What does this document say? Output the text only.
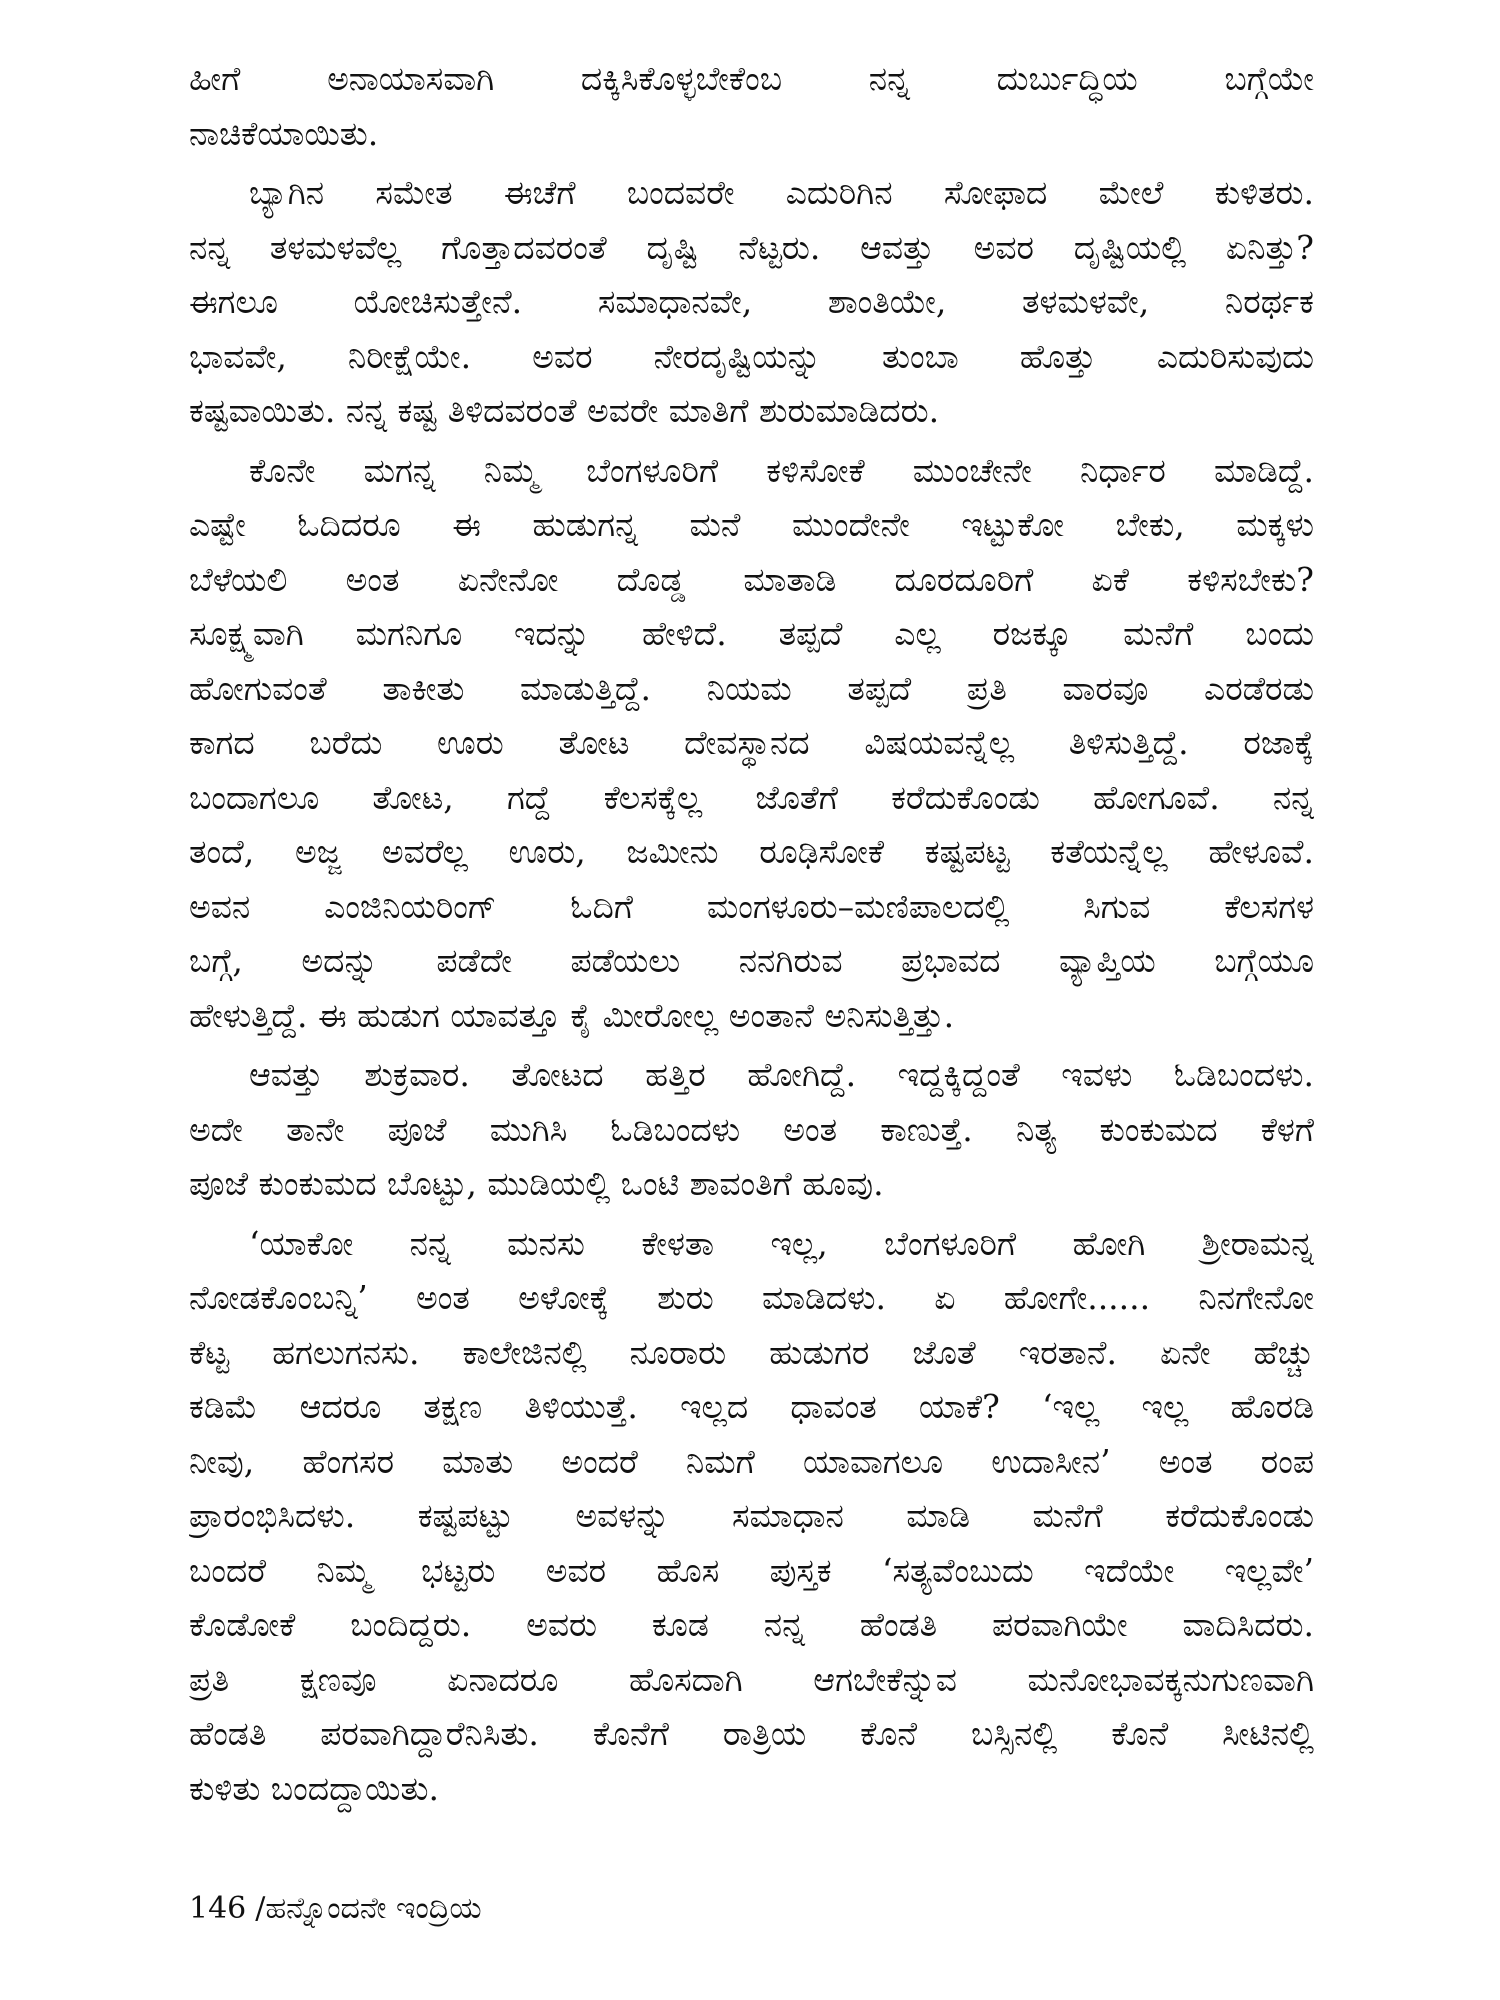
ಹೀಗೆ ಅನಾಯಾಸವಾಗಿ ದಕ್ಕಿಸಿಕೊಳ್ಳಬೇಕೆಂಬ ನನ್ನ ದುರ್ಬುದ್ಧಿಯ ಬಗ್ಗೆಯೇ
ನಾಚಿಕೆಯಾಯಿತು.
ಬ್ಯಾಗಿನ ಸಮೇತ ಈಚೆಗೆ ಬಂದವರೇ ಎದುರಿಗಿನ ಸೋಫಾದ ಮೇಲೆ ಕುಳಿತರು.
ನನ್ನ ತಳಮಳವೆಲ್ಲ ಗೊತ್ತಾದವರಂತೆ ದೃಷ್ಟಿ ನೆಟ್ಟರು. ಆವತ್ತು ಅವರ ದೃಷ್ಟಿಯಲ್ಲಿ ಏನಿತ್ತು?
ಈಗಲೂ ಯೋಚಿಸುತ್ತೇನೆ. ಸಮಾಧಾನವೇ, ಶಾಂತಿಯೇ, ತಳಮಳವೇ, ನಿರರ್ಥಕ
ಭಾವವೇ, ನಿರೀಕ್ಷೆಯೇ. ಅವರ ನೇರದೃಷ್ಟಿಯನ್ನು ತುಂಬಾ ಹೊತ್ತು ಎದುರಿಸುವುದು
ಕಷ್ಟವಾಯಿತು. ನನ್ನ ಕಷ್ಟ ತಿಳಿದವರಂತೆ ಅವರೇ ಮಾತಿಗೆ ಶುರುಮಾಡಿದರು.
ಕೊನೇ ಮಗನ್ನ ನಿಮ್ಮ ಬೆಂಗಳೂರಿಗೆ ಕಳಿಸೋಕೆ ಮುಂಚೇನೇ ನಿರ್ಧಾರ ಮಾಡಿದ್ದೆ.
ಎಷ್ಟೇ ಓದಿದರೂ ಈ ಹುಡುಗನ್ನ ಮನೆ ಮುಂದೇನೇ ಇಟ್ಟುಕೋ ಬೇಕು, ಮಕ್ಕಳು
ಬೆಳೆಯಲಿ ಅಂತ ಏನೇನೋ ದೊಡ್ಡ ಮಾತಾಡಿ ದೂರದೂರಿಗೆ ಏಕೆ ಕಳಿಸಬೇಕು?
ಸೂಕ್ಷ್ಮವಾಗಿ ಮಗನಿಗೂ ಇದನ್ನು ಹೇಳಿದೆ. ತಪ್ಪದೆ ಎಲ್ಲ ರಜಕ್ಕೂ ಮನೆಗೆ ಬಂದು
ಹೋಗುವಂತೆ ತಾಕೀತು ಮಾಡುತ್ತಿದ್ದೆ. ನಿಯಮ ತಪ್ಪದೆ ಪ್ರತಿ ವಾರವೂ ಎರಡೆರಡು
ಕಾಗದ ಬರೆದು ಊರು ತೋಟ ದೇವಸ್ಥಾನದ ವಿಷಯವನ್ನೆಲ್ಲ ತಿಳಿಸುತ್ತಿದ್ದೆ. ರಜಾಕ್ಕೆ
ಬಂದಾಗಲೂ ತೋಟ, ಗದ್ದೆ ಕೆಲಸಕ್ಕೆಲ್ಲ ಜೊತೆಗೆ ಕರೆದುಕೊಂಡು ಹೋಗೂವೆ. ನನ್ನ
ತಂದೆ, ಅಜ್ಜ ಅವರೆಲ್ಲ ಊರು, ಜಮೀನು ರೂಢಿಸೋಕೆ ಕಷ್ಟಪಟ್ಟ ಕತೆಯನ್ನೆಲ್ಲ ಹೇಳೂವೆ.
ಅವನ ಎಂಜಿನಿಯರಿಂಗ್ ಓದಿಗೆ ಮಂಗಳೂರು–ಮಣಿಪಾಲದಲ್ಲಿ ಸಿಗುವ ಕೆಲಸಗಳ
ಬಗ್ಗೆ, ಅದನ್ನು ಪಡೆದೇ ಪಡೆಯಲು ನನಗಿರುವ ಪ್ರಭಾವದ ವ್ಯಾಪ್ತಿಯ ಬಗ್ಗೆಯೂ
ಹೇಳುತ್ತಿದ್ದೆ. ಈ ಹುಡುಗ ಯಾವತ್ತೂ ಕೈ ಮೀರೋಲ್ಲ ಅಂತಾನೆ ಅನಿಸುತ್ತಿತ್ತು.
ಆವತ್ತು ಶುಕ್ರವಾರ. ತೋಟದ ಹತ್ತಿರ ಹೋಗಿದ್ದೆ. ಇದ್ದಕ್ಕಿದ್ದಂತೆ ಇವಳು ಓಡಿಬಂದಳು.
ಅದೇ ತಾನೇ ಪೂಜೆ ಮುಗಿಸಿ ಓಡಿಬಂದಳು ಅಂತ ಕಾಣುತ್ತೆ. ನಿತ್ಯ ಕುಂಕುಮದ ಕೆಳಗೆ
ಪೂಜೆ ಕುಂಕುಮದ ಬೊಟ್ಟು, ಮುಡಿಯಲ್ಲಿ ಒಂಟಿ ಶಾವಂತಿಗೆ ಹೂವು.
‘ಯಾಕೋ ನನ್ನ ಮನಸು ಕೇಳತಾ ಇಲ್ಲ, ಬೆಂಗಳೂರಿಗೆ ಹೋಗಿ ಶ್ರೀರಾಮನ್ನ
ನೋಡಕೊಂಬನ್ನಿ’ ಅಂತ ಅಳೋಕ್ಕೆ ಶುರು ಮಾಡಿದಳು. ಏ ಹೋಗೇ...... ನಿನಗೇನೋ
ಕೆಟ್ಟ ಹಗಲುಗನಸು. ಕಾಲೇಜಿನಲ್ಲಿ ನೂರಾರು ಹುಡುಗರ ಜೊತೆ ಇರತಾನೆ. ಏನೇ ಹೆಚ್ಚು
ಕಡಿಮೆ ಆದರೂ ತಕ್ಷಣ ತಿಳಿಯುತ್ತೆ. ಇಲ್ಲದ ಧಾವಂತ ಯಾಕೆ? ‘ಇಲ್ಲ ಇಲ್ಲ ಹೊರಡಿ
ನೀವು, ಹೆಂಗಸರ ಮಾತು ಅಂದರೆ ನಿಮಗೆ ಯಾವಾಗಲೂ ಉದಾಸೀನ’ ಅಂತ ರಂಪ
ಪ್ರಾರಂಭಿಸಿದಳು. ಕಷ್ಟಪಟ್ಟು ಅವಳನ್ನು ಸಮಾಧಾನ ಮಾಡಿ ಮನೆಗೆ ಕರೆದುಕೊಂಡು
ಬಂದರೆ ನಿಮ್ಮ ಭಟ್ಟರು ಅವರ ಹೊಸ ಪುಸ್ತಕ ‘ಸತ್ಯವೆಂಬುದು ಇದೆಯೇ ಇಲ್ಲವೇ’
ಕೊಡೋಕೆ ಬಂದಿದ್ದರು. ಅವರು ಕೂಡ ನನ್ನ ಹೆಂಡತಿ ಪರವಾಗಿಯೇ ವಾದಿಸಿದರು.
ಪ್ರತಿ ಕ್ಷಣವೂ ಏನಾದರೂ ಹೊಸದಾಗಿ ಆಗಬೇಕೆನ್ನುವ ಮನೋಭಾವಕ್ಕನುಗುಣವಾಗಿ
ಹೆಂಡತಿ ಪರವಾಗಿದ್ದಾರೆನಿಸಿತು. ಕೊನೆಗೆ ರಾತ್ರಿಯ ಕೊನೆ ಬಸ್ಸಿನಲ್ಲಿ ಕೊನೆ ಸೀಟಿನಲ್ಲಿ
ಕುಳಿತು ಬಂದದ್ದಾಯಿತು.
146 /ಹನ್ನೊಂದನೇ ಇಂದ್ರಿಯ
